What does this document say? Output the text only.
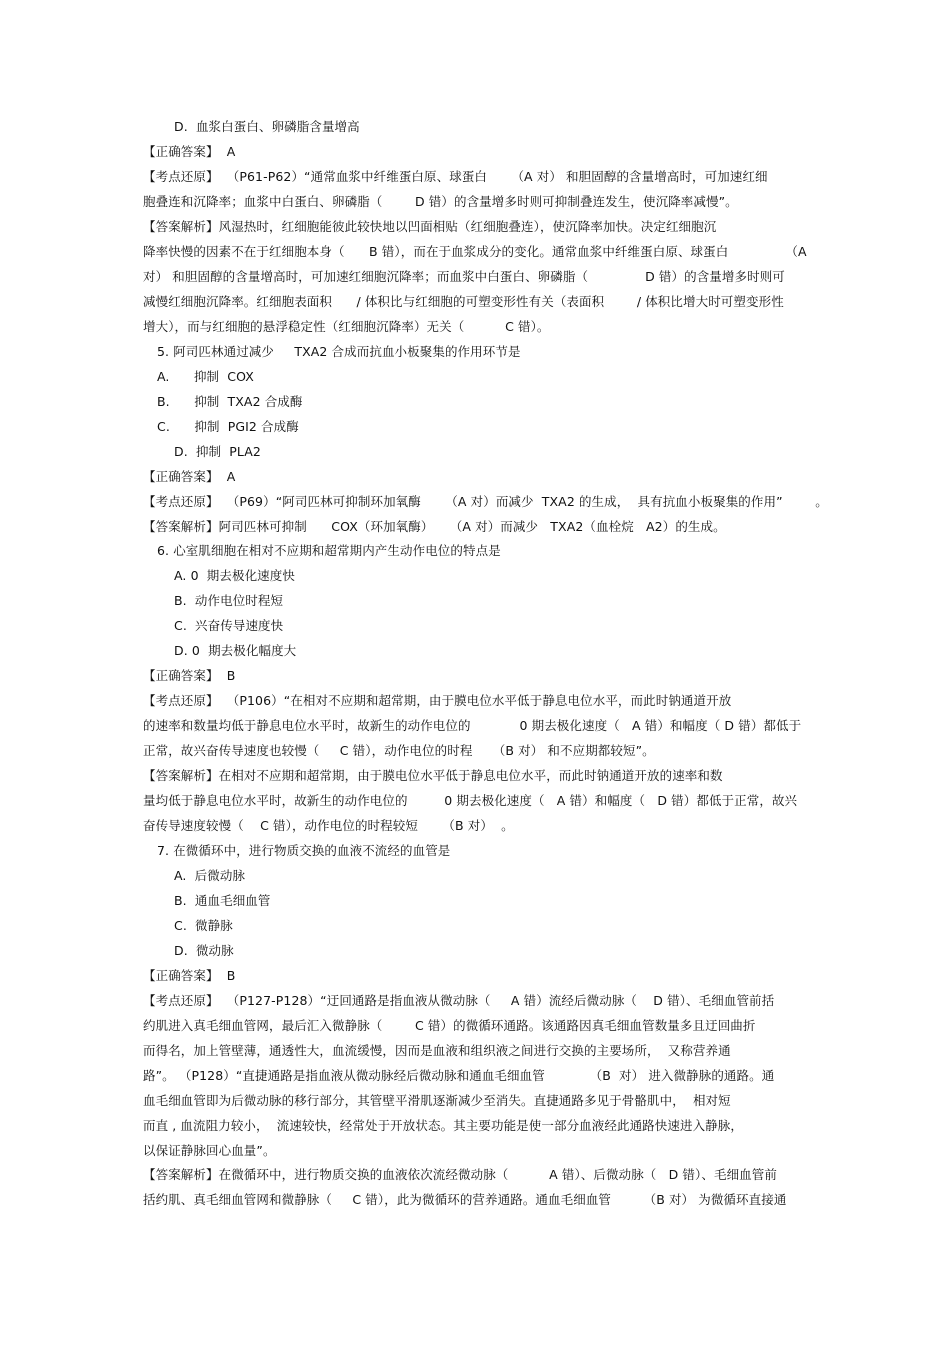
D.  血浆白蛋白、卵磷脂含量增高
【正确答案】  A
【考点还原】  （P61-P62）“通常血浆中纤维蛋白原、球蛋白      （A 对） 和胆固醇的含量增高时，可加速红细
胞叠连和沉降率；血浆中白蛋白、卵磷脂（        D 错）的含量增多时则可抑制叠连发生，使沉降率减慢”。
【答案解析】风湿热时，红细胞能彼此较快地以凹面相贴（红细胞叠连），使沉降率加快。决定红细胞沉
降率快慢的因素不在于红细胞本身（      B 错），而在于血浆成分的变化。通常血浆中纤维蛋白原、球蛋白              （A
对） 和胆固醇的含量增高时，可加速红细胞沉降率；而血浆中白蛋白、卵磷脂（              D 错）的含量增多时则可
减慢红细胞沉降率。红细胞表面积      / 体积比与红细胞的可塑变形性有关（表面积        / 体积比增大时可塑变形性
增大），而与红细胞的悬浮稳定性（红细胞沉降率）无关（          C 错）。
5. 阿司匹林通过减少     TXA2 合成而抗血小板聚集的作用环节是
A.      抑制  COX
B.      抑制  TXA2 合成酶
C.      抑制  PGI2 合成酶
D.  抑制  PLA2
【正确答案】  A
【考点还原】  （P69）“阿司匹林可抑制环加氧酶      （A 对）而减少  TXA2 的生成，  具有抗血小板聚集的作用”        。
【答案解析】阿司匹林可抑制      COX（环加氧酶）    （A 对）而减少   TXA2（血栓烷   A2）的生成。
6. 心室肌细胞在相对不应期和超常期内产生动作电位的特点是
A. 0  期去极化速度快
B.  动作电位时程短
C.  兴奋传导速度快
D. 0  期去极化幅度大
【正确答案】  B
【考点还原】  （P106）“在相对不应期和超常期，由于膜电位水平低于静息电位水平，而此时钠通道开放
的速率和数量均低于静息电位水平时，故新生的动作电位的            0 期去极化速度（   A 错）和幅度（ D 错）都低于
正常，故兴奋传导速度也较慢（     C 错），动作电位的时程     （B 对） 和不应期都较短”。
【答案解析】在相对不应期和超常期，由于膜电位水平低于静息电位水平，而此时钠通道开放的速率和数
量均低于静息电位水平时，故新生的动作电位的         0 期去极化速度（   A 错）和幅度（   D 错）都低于正常，故兴
奋传导速度较慢（    C 错），动作电位的时程较短      （B 对）  。
7. 在微循环中，进行物质交换的血液不流经的血管是
A.  后微动脉
B.  通血毛细血管
C.  微静脉
D.  微动脉
【正确答案】  B
【考点还原】  （P127-P128）“迂回通路是指血液从微动脉（     A 错）流经后微动脉（    D 错）、毛细血管前括
约肌进入真毛细血管网，最后汇入微静脉（        C 错）的微循环通路。该通路因真毛细血管数量多且迂回曲折
而得名，加上管壁薄，通透性大，血流缓慢，因而是血液和组织液之间进行交换的主要场所，  又称营养通
路”。 （P128）“直捷通路是指血液从微动脉经后微动脉和通血毛细血管           （B  对） 进入微静脉的通路。通
血毛细血管即为后微动脉的移行部分，其管壁平滑肌逐渐减少至消失。直捷通路多见于骨骼肌中，  相对短
而直 , 血流阻力较小，  流速较快，经常处于开放状态。其主要功能是使一部分血液经此通路快速进入静脉，
以保证静脉回心血量”。
【答案解析】在微循环中，进行物质交换的血液依次流经微动脉（          A 错）、后微动脉（   D 错）、毛细血管前
括约肌、真毛细血管网和微静脉（     C 错），此为微循环的营养通路。通血毛细血管        （B 对） 为微循环直接通
